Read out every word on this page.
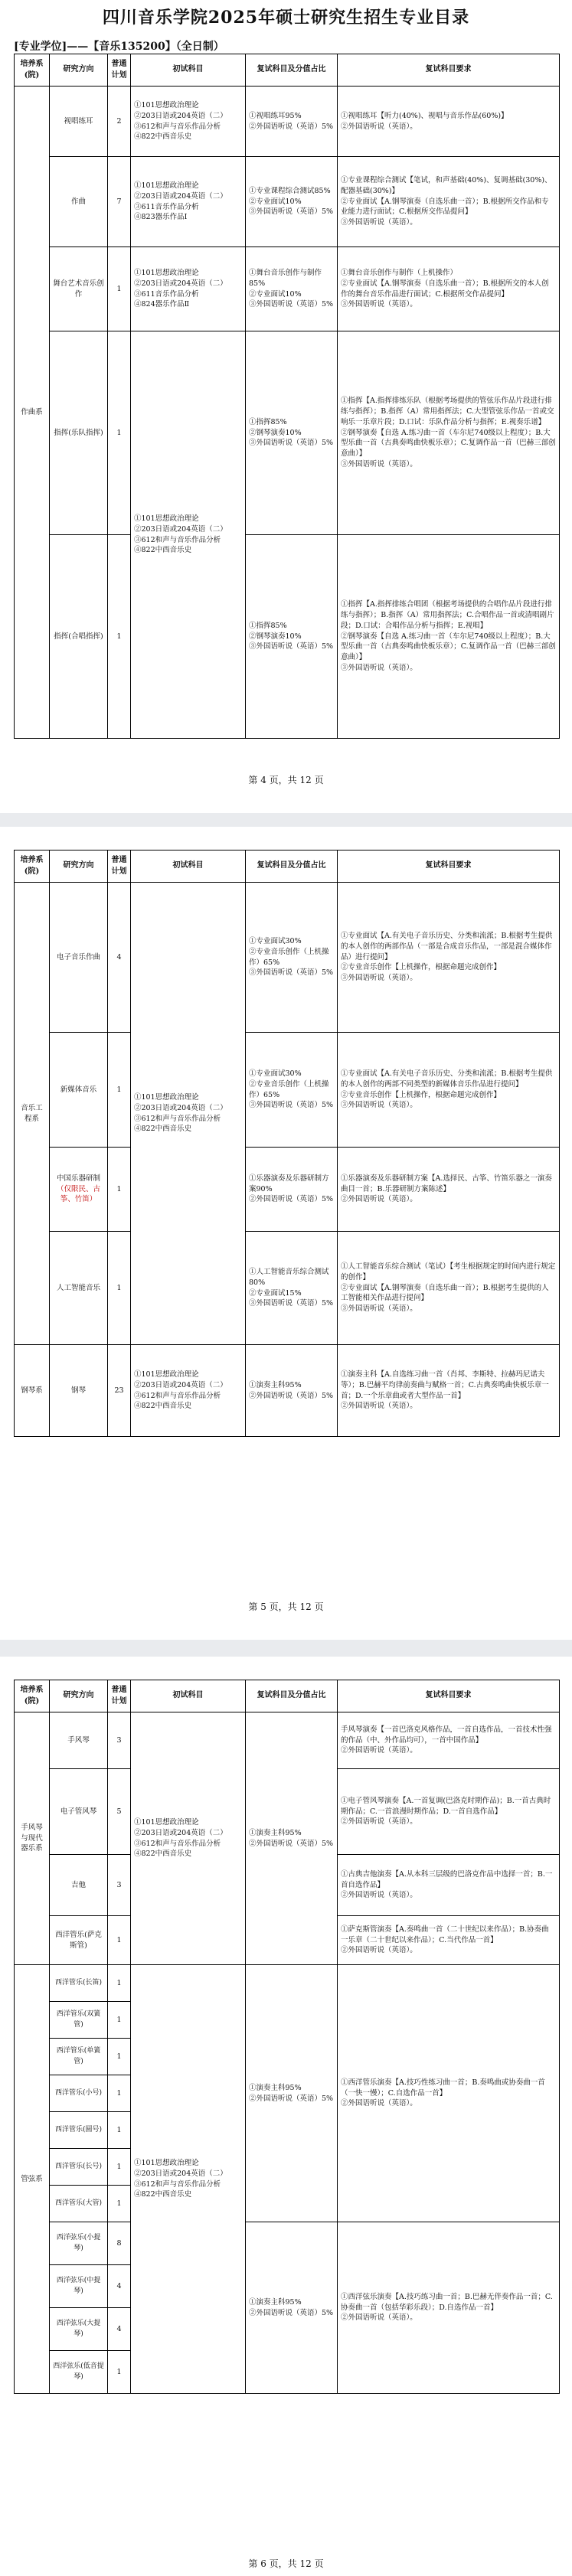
四川音乐学院2025年硕士研究生招生专业目录
[专业学位]——【音乐135200】（全日制）
培养系(院)	研究方向	普通计划	初试科目	复试科目及分值占比	复试科目要求
作曲系	视唱练耳	2	①101思想政治理论
②203日语或204英语（二）
③612和声与音乐作品分析
④822中西音乐史	①视唱练耳95%
②外国语听说（英语）5%	①视唱练耳【听力(40%)、视唱与音乐作品(60%)】
②外国语听说（英语）。
	作曲	7	①101思想政治理论
②203日语或204英语（二）
③611音乐作品分析
④823器乐作品Ⅰ	①专业课程综合测试85%
②专业面试10%
③外国语听说（英语）5%	①专业课程综合测试【笔试，和声基础(40%)、复调基础(30%)、配器基础(30%)】
②专业面试【A.钢琴演奏（自选乐曲一首）；B.根据所交作品和专业能力进行面试；C.根据所交作品提问】
③外国语听说（英语）。
	舞台艺术音乐创作	1	①101思想政治理论
②203日语或204英语（二）
③611音乐作品分析
④824器乐作品Ⅱ	①舞台音乐创作与制作85%
②专业面试10%
③外国语听说（英语）5%	①舞台音乐创作与制作（上机操作）
②专业面试【A.钢琴演奏（自选乐曲一首）；B.根据所交的本人创作的舞台音乐作品进行面试；C.根据所交作品提问】
③外国语听说（英语）。
	指挥(乐队指挥)	1	①101思想政治理论
②203日语或204英语（二）
③612和声与音乐作品分析
④822中西音乐史	①指挥85%
②钢琴演奏10%
③外国语听说（英语）5%	①指挥【A.指挥排练乐队（根据考场提供的管弦乐作品片段进行排练与指挥）；B.指挥（A）常用指挥法；C.大型管弦乐作品一首或交响乐一乐章片段；D.口试：乐队作品分析与指挥；E.视奏乐谱】
②钢琴演奏【自选 A.练习曲一首（车尔尼740级以上程度）；B.大型乐曲一首（古典奏鸣曲快板乐章）；C.复调作品一首（巴赫三部创意曲）】
③外国语听说（英语）。
	指挥(合唱指挥)	1		①指挥85%
②钢琴演奏10%
③外国语听说（英语）5%	①指挥【A.指挥排练合唱团（根据考场提供的合唱作品片段进行排练与指挥）；B.指挥（A）常用指挥法；C.合唱作品一首或清唱剧片段；D.口试：合唱作品分析与指挥；E.视唱】
②钢琴演奏【自选 A.练习曲一首（车尔尼740级以上程度）；B.大型乐曲一首（古典奏鸣曲快板乐章）；C.复调作品一首（巴赫三部创意曲）】
③外国语听说（英语）。
第 4 页，共 12 页
培养系(院)	研究方向	普通计划	初试科目	复试科目及分值占比	复试科目要求
音乐工程系	电子音乐作曲	4	①101思想政治理论
②203日语或204英语（二）
③612和声与音乐作品分析
④822中西音乐史	①专业面试30%
②专业音乐创作（上机操作）65%
③外国语听说（英语）5%	①专业面试【A.有关电子音乐历史、分类和流派；B.根据考生提供的本人创作的两部作品（一部是合成音乐作品，一部是混合媒体作品）进行提问】
②专业音乐创作【上机操作，根据命题完成创作】
③外国语听说（英语）。
	新媒体音乐	1		①专业面试30%
②专业音乐创作（上机操作）65%
③外国语听说（英语）5%	①专业面试【A.有关电子音乐历史、分类和流派；B.根据考生提供的本人创作的两部不同类型的新媒体音乐作品进行提问】
②专业音乐创作【上机操作，根据命题完成创作】
③外国语听说（英语）。
	中国乐器研制
（仅限民、古筝、竹笛）	1		①乐器演奏及乐器研制方案90%
②外国语听说（英语）5%	①乐器演奏及乐器研制方案【A.选择民、古筝、竹笛乐器之一演奏曲目一首；B.乐器研制方案陈述】
②外国语听说（英语）。
	人工智能音乐	1		①人工智能音乐综合测试80%
②专业面试15%
③外国语听说（英语）5%	①人工智能音乐综合测试（笔试）【考生根据规定的时间内进行规定的创作】
②专业面试【A.钢琴演奏（自选乐曲一首）；B.根据考生提供的人工智能相关作品进行提问】
③外国语听说（英语）。
钢琴系	钢琴	23	①101思想政治理论
②203日语或204英语（二）
③612和声与音乐作品分析
④822中西音乐史	①演奏主科95%
②外国语听说（英语）5%	①演奏主科【A.自选练习曲一首（肖邦、李斯特、拉赫玛尼诺夫等）；B.巴赫平均律前奏曲与赋格一首；C.古典奏鸣曲快板乐章一首；D.一个乐章曲或者大型作品一首】
②外国语听说（英语）。
第 5 页，共 12 页
培养系(院)	研究方向	普通计划	初试科目	复试科目及分值占比	复试科目要求
手风琴与现代器乐系	手风琴	3	①101思想政治理论
②203日语或204英语（二）
③612和声与音乐作品分析
④822中西音乐史	①演奏主科95%
②外国语听说（英语）5%	手风琴演奏【一首巴洛克风格作品，一首自选作品，一首技术性强的作品（中、外作品均可），一首中国作品】
②外国语听说（英语）。
	电子管风琴	5			①电子管风琴演奏【A.一首复调(巴洛克时期作品)；B.一首古典时期作品；C.一首浪漫时期作品；D.一首自选作品】
②外国语听说（英语）。
	吉他	3			①古典吉他演奏【A.从本科三层级的巴洛克作品中选择一首；B.一首自选作品】
②外国语听说（英语）。
	西洋管乐(萨克斯管)	1			①萨克斯管演奏【A.奏鸣曲一首（二十世纪以来作品）；B.协奏曲一乐章（二十世纪以来作品）；C.当代作品一首】
②外国语听说（英语）。
管弦系	西洋管乐(长笛)	1	①101思想政治理论
②203日语或204英语（二）
③612和声与音乐作品分析
④822中西音乐史	①演奏主科95%
②外国语听说（英语）5%	①西洋管乐演奏【A.技巧性练习曲一首；B.奏鸣曲或协奏曲一首（一快一慢）；C.自选作品一首】
②外国语听说（英语）。
	西洋管乐(双簧管)	1			
	西洋管乐(单簧管)	1			
	西洋管乐(小号)	1			
	西洋管乐(圆号)	1			
	西洋管乐(长号)	1			
	西洋管乐(大管)	1			
	西洋弦乐(小提琴)	8		①演奏主科95%
②外国语听说（英语）5%	①西洋弦乐演奏【A.技巧练习曲一首；B.巴赫无伴奏作品一首；C.协奏曲一首（包括华彩乐段）；D.自选作品一首】
②外国语听说（英语）。
	西洋弦乐(中提琴)	4			
	西洋弦乐(大提琴)	4			
	西洋弦乐(低音提琴)	1			
第 6 页，共 12 页
